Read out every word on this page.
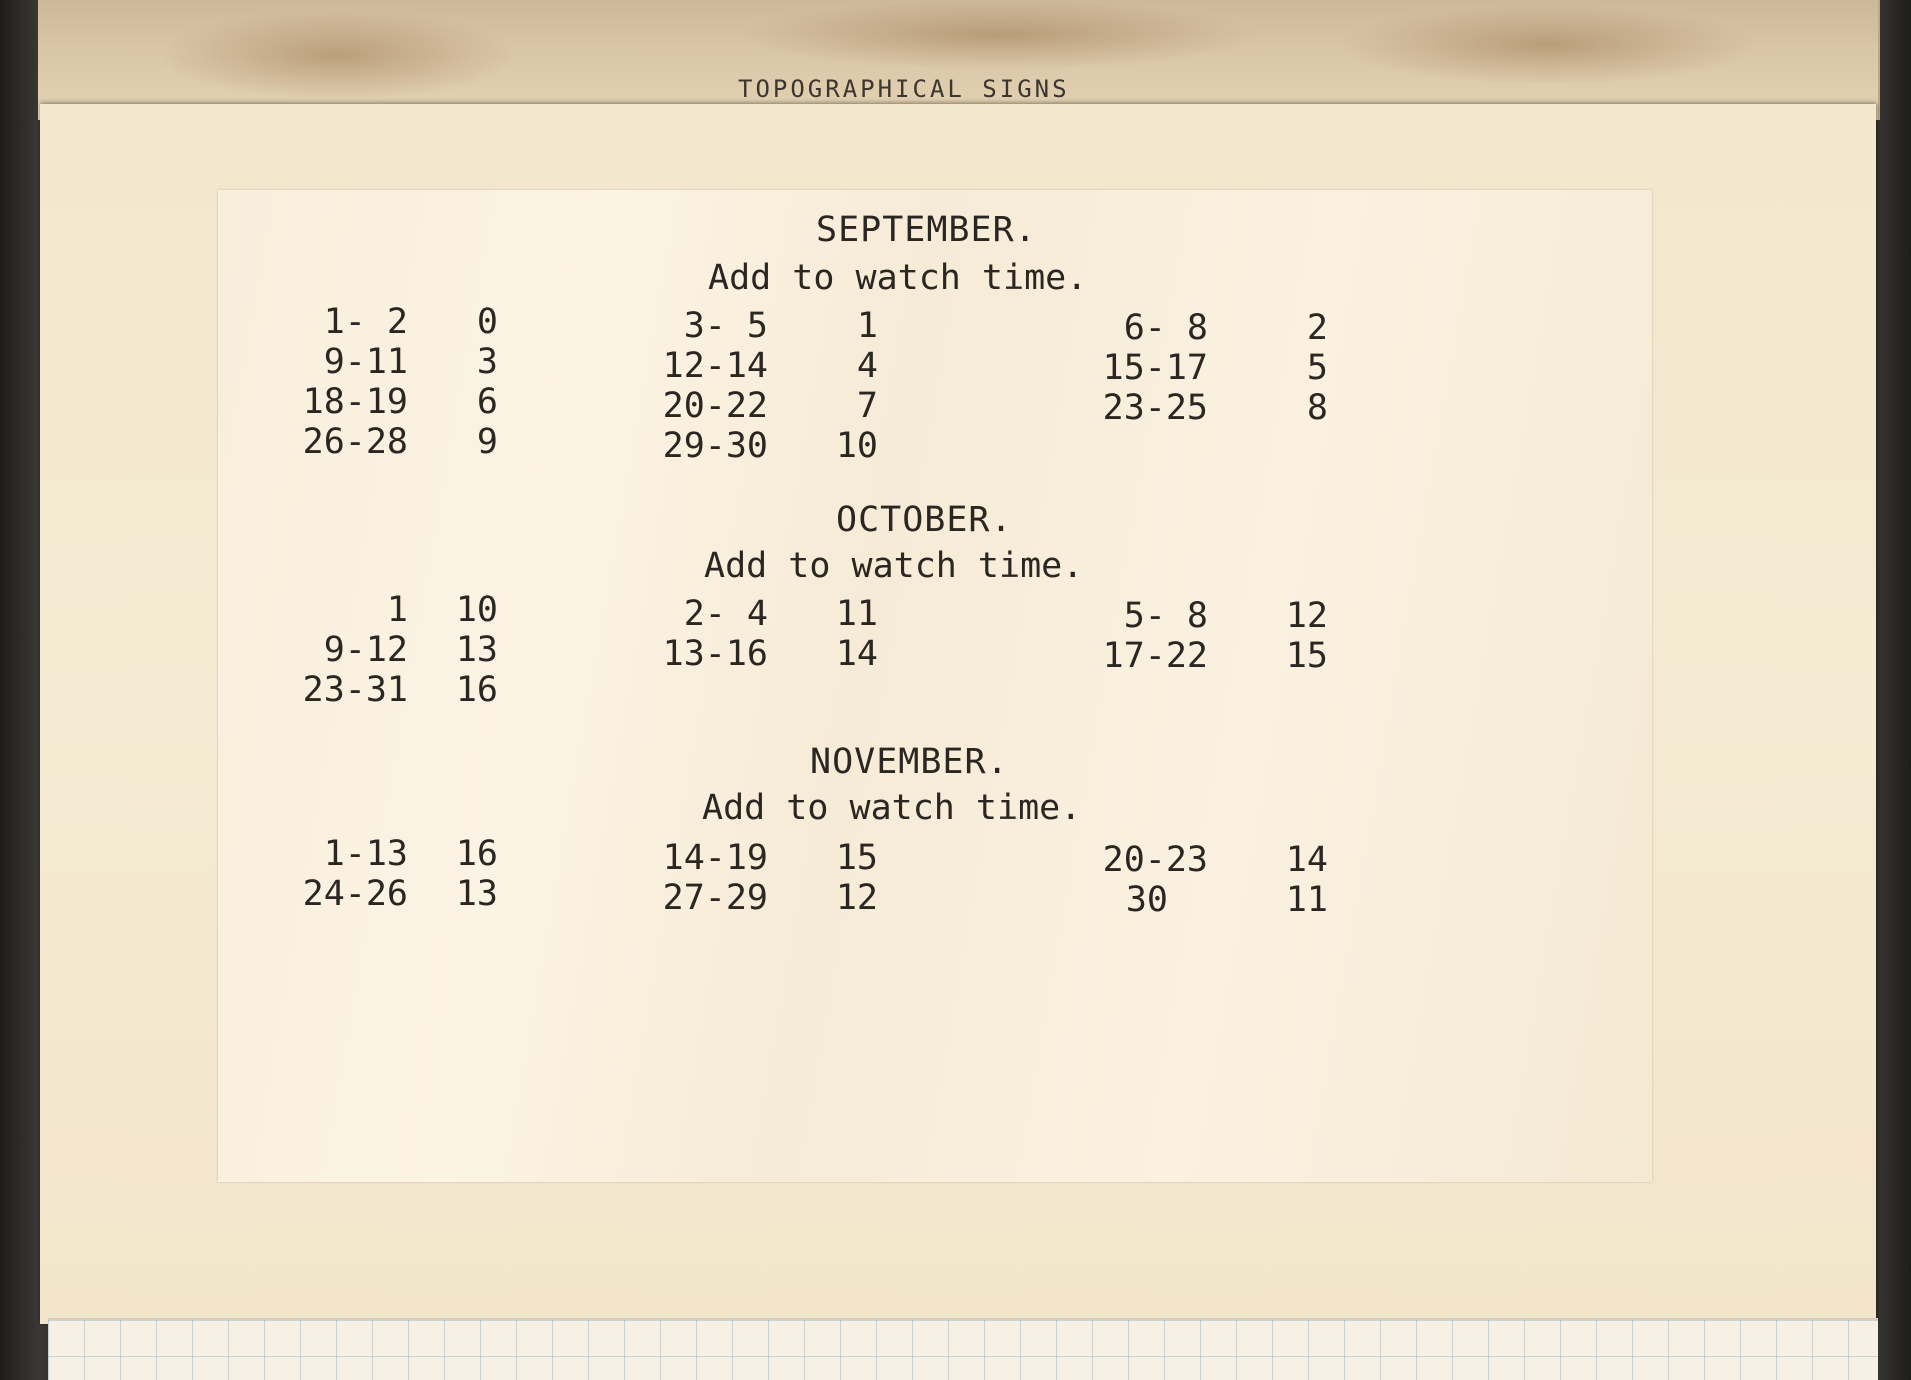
TOPOGRAPHICAL SIGNS
SEPTEMBER.
Add to watch time.
1- 2	0	3- 5	1	6- 8	2
9-11	3	12-14	4	15-17	5
18-19	6	20-22	7	23-25	8
26-28	9	29-30	10
OCTOBER.
Add to watch time.
1	10	2- 4	11	5- 8	12
9-12	13	13-16	14	17-22	15
23-31	16
NOVEMBER.
Add to watch time.
1-13	16	14-19	15	20-23	14
24-26	13	27-29	12	30	11
